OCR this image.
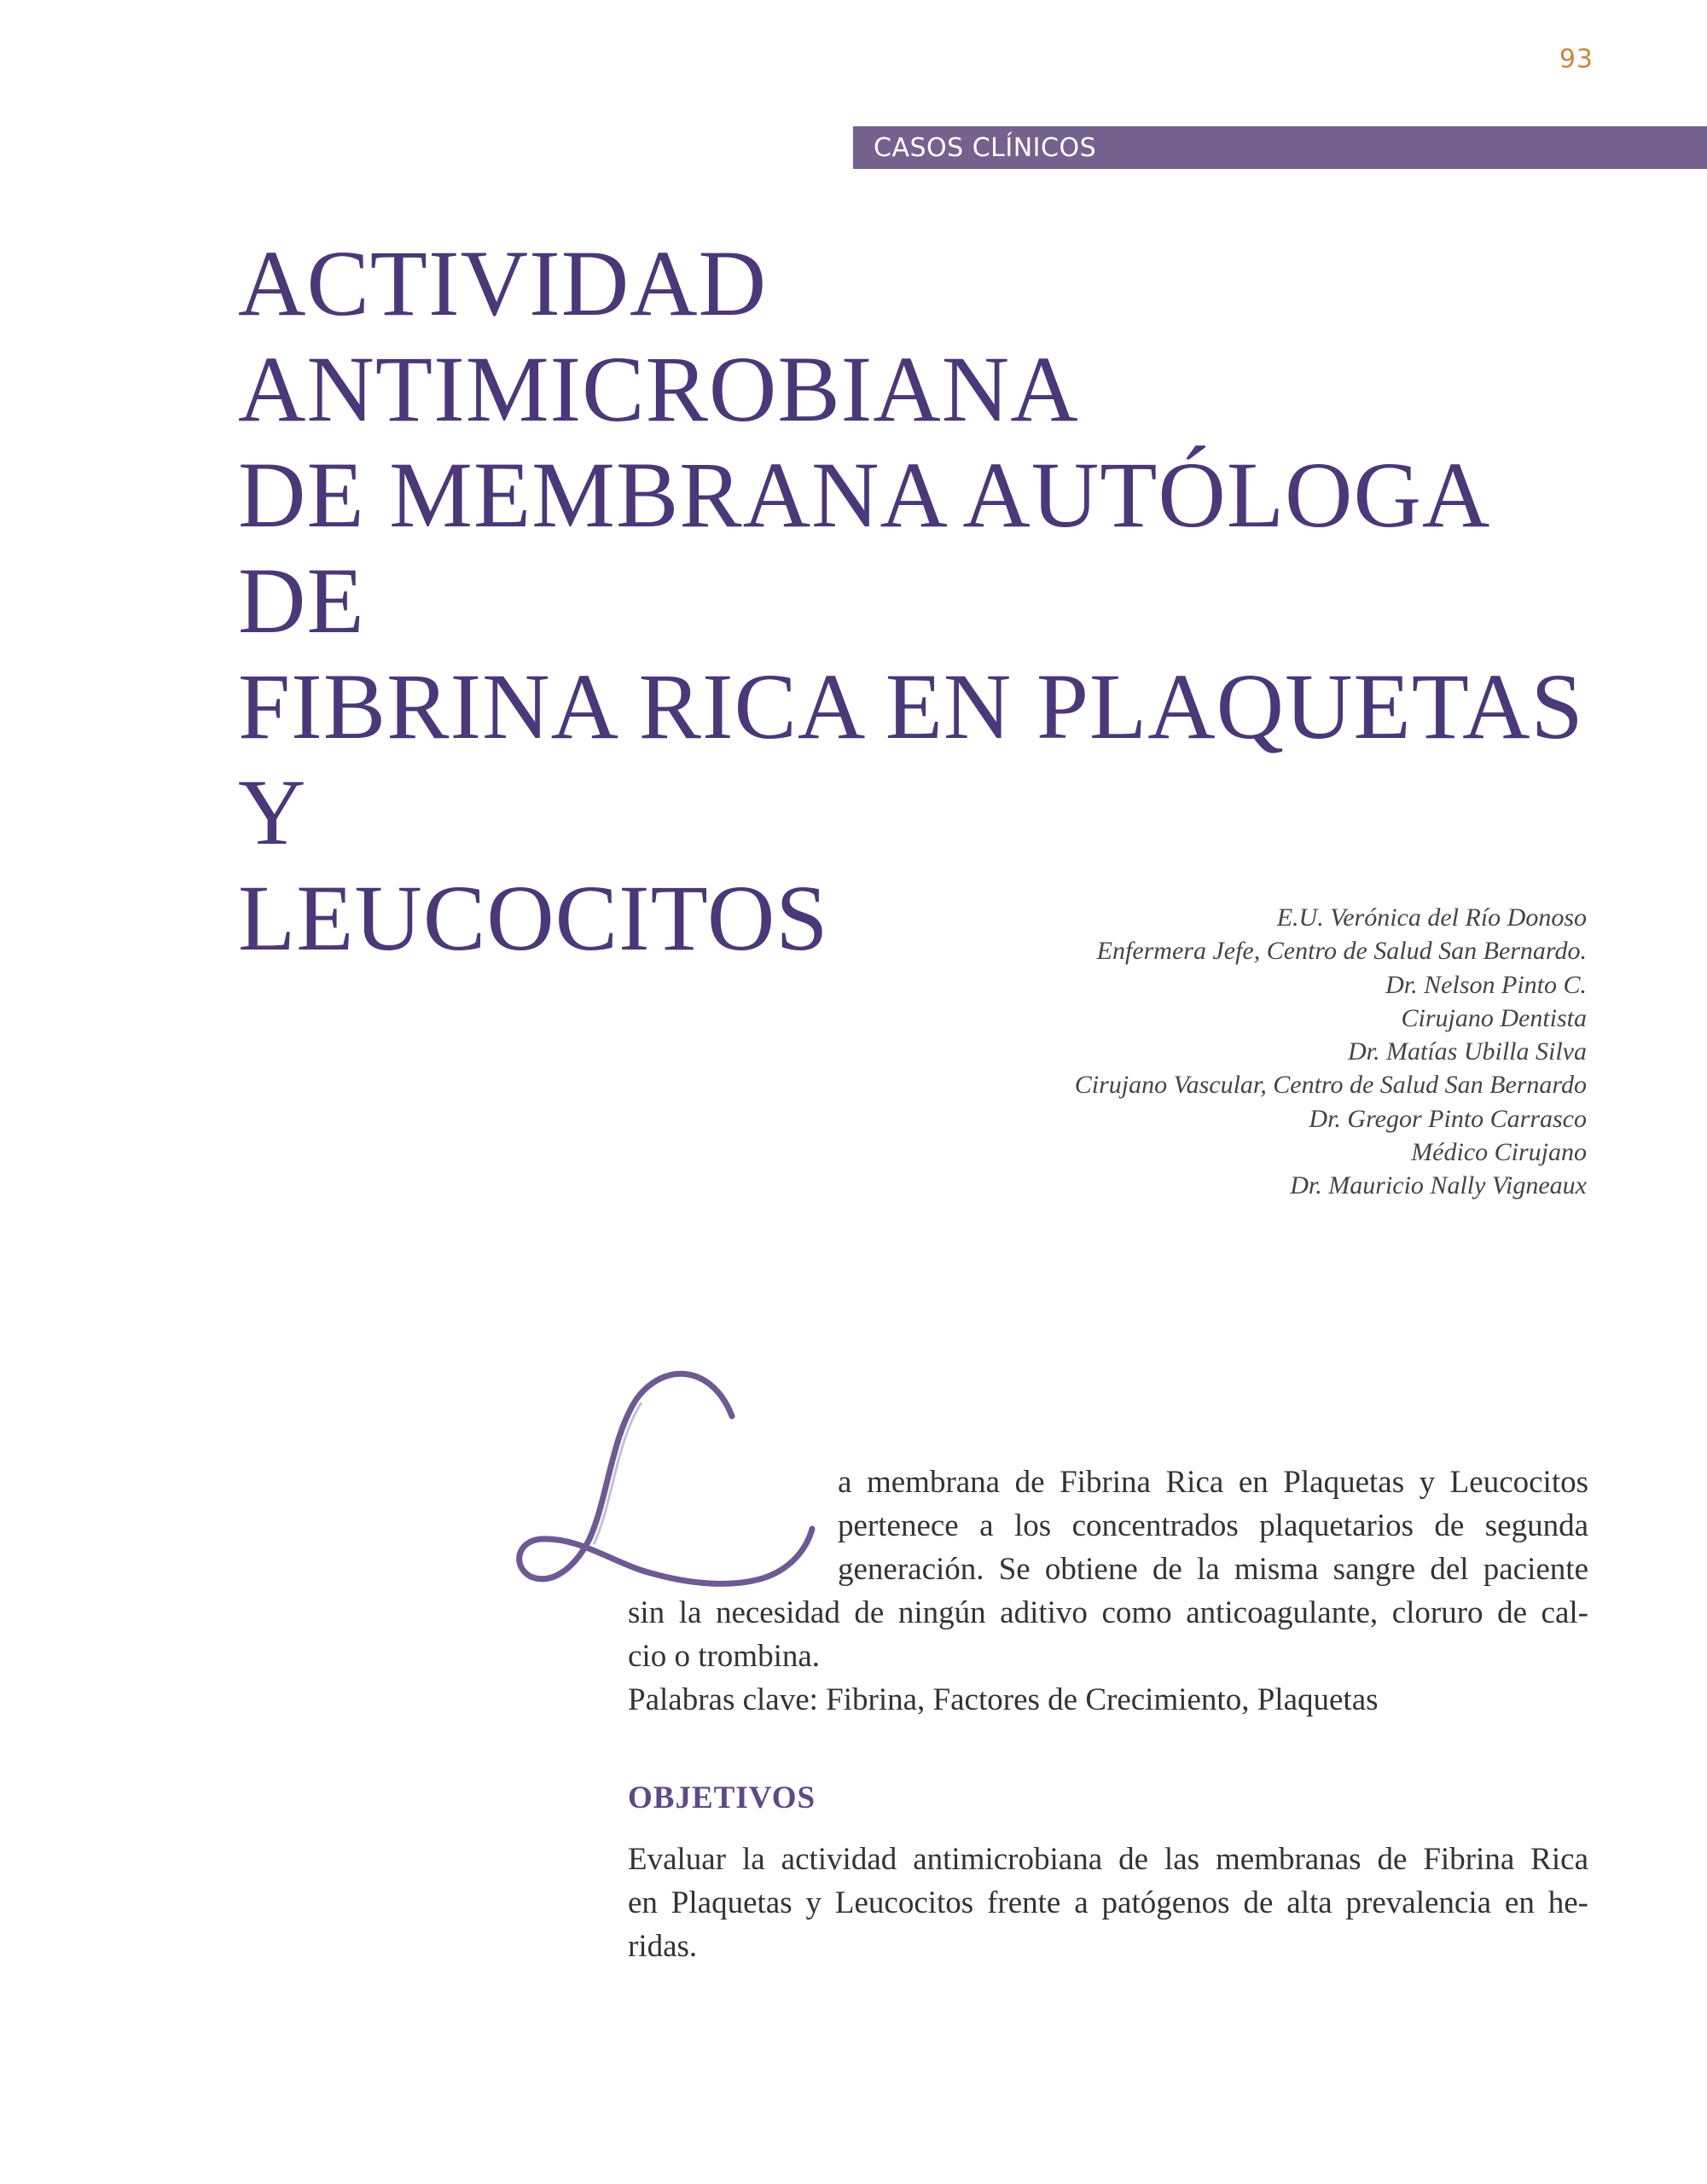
93
CASOS CLÍNICOS
ACTIVIDAD ANTIMICROBIANA
DE MEMBRANA AUTÓLOGA DE
FIBRINA RICA EN PLAQUETAS Y
LEUCOCITOS	E.U. Verónica del Río Donoso
Enfermera Jefe, Centro de Salud San Bernardo.
Dr. Nelson Pinto C.
Cirujano Dentista
Dr. Matías Ubilla Silva
Cirujano Vascular, Centro de Salud San Bernardo
Dr. Gregor Pinto Carrasco
Médico Cirujano
Dr. Mauricio Nally Vigneaux
a membrana de Fibrina Rica en Plaquetas y Leucocitos
pertenece a los concentrados plaquetarios de segunda
generación. Se obtiene de la misma sangre del paciente
sin la necesidad de ningún aditivo como anticoagulante, cloruro de cal-
cio o trombina.
Palabras clave: Fibrina, Factores de Crecimiento, Plaquetas
OBJETIVOS
Evaluar la actividad antimicrobiana de las membranas de Fibrina Rica
en Plaquetas y Leucocitos frente a patógenos de alta prevalencia en he-
ridas.
